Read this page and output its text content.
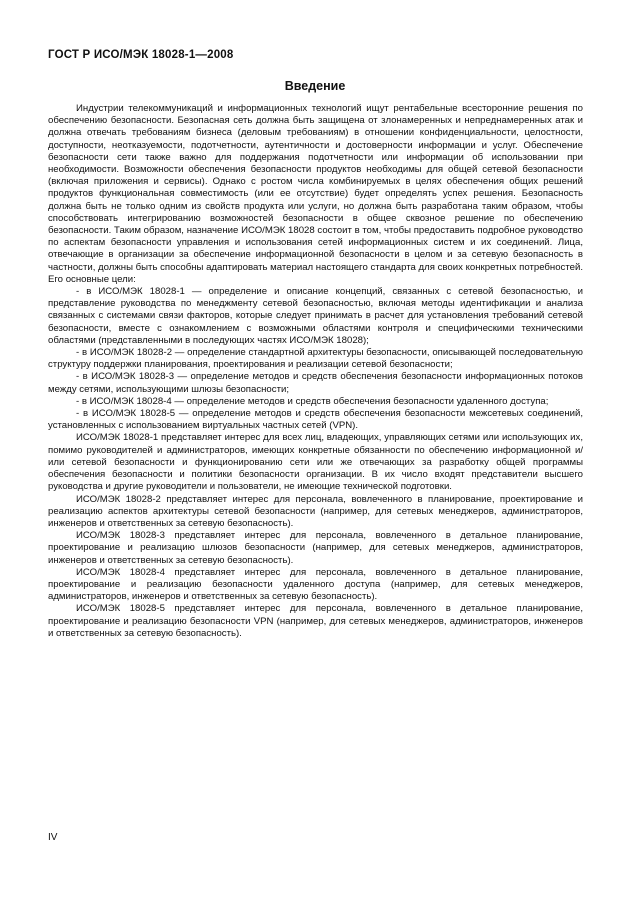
ГОСТ Р ИСО/МЭК 18028-1—2008
Введение

Индустрии телекоммуникаций и информационных технологий ищут рентабельные всесторонние решения по обеспечению безопасности. Безопасная сеть должна быть защищена от злонамеренных и непреднамеренных атак и должна отвечать требованиям бизнеса (деловым требованиям) в отношении конфиденциальности, целостности, доступности, неотказуемости, подотчетности, аутентичности и достоверности информации и услуг. Обеспечение безопасности сети также важно для поддержания подотчетности или информации об использовании при необходимости. Возможности обеспечения безопасности продуктов необходимы для общей сетевой безопасности (включая приложения и сервисы). Однако с ростом числа комбинируемых в целях обеспечения общих решений продуктов функциональная совместимость (или ее отсутствие) будет определять успех решения. Безопасность должна быть не только одним из свойств продукта или услуги, но должна быть разработана таким образом, чтобы способствовать интегрированию возможностей безопасности в общее сквозное решение по обеспечению безопасности. Таким образом, назначение ИСО/МЭК 18028 состоит в том, чтобы предоставить подробное руководство по аспектам безопасности управления и использования сетей информационных систем и их соединений. Лица, отвечающие в организации за обеспечение информационной безопасности в целом и за сетевую безопасность в частности, должны быть способны адаптировать материал настоящего стандарта для своих конкретных потребностей. Его основные цели:

- в ИСО/МЭК 18028-1 — определение и описание концепций, связанных с сетевой безопасностью, и представление руководства по менеджменту сетевой безопасностью, включая методы идентификации и анализа связанных с системами связи факторов, которые следует принимать в расчет для установления требований сетевой безопасности, вместе с ознакомлением с возможными областями контроля и специфическими техническими областями (представленными в последующих частях ИСО/МЭК 18028);

- в ИСО/МЭК 18028-2 — определение стандартной архитектуры безопасности, описывающей последовательную структуру поддержки планирования, проектирования и реализации сетевой безопасности;

- в ИСО/МЭК 18028-3 — определение методов и средств обеспечения безопасности информационных потоков между сетями, использующими шлюзы безопасности;

- в ИСО/МЭК 18028-4 — определение методов и средств обеспечения безопасности удаленного доступа;

- в ИСО/МЭК 18028-5 — определение методов и средств обеспечения безопасности межсетевых соединений, установленных с использованием виртуальных частных сетей (VPN).

ИСО/МЭК 18028-1 представляет интерес для всех лиц, владеющих, управляющих сетями или использующих их, помимо руководителей и администраторов, имеющих конкретные обязанности по обеспечению информационной и/или сетевой безопасности и функционированию сети или же отвечающих за разработку общей программы обеспечения безопасности и политики безопасности организации. В их число входят представители высшего руководства и другие руководители и пользователи, не имеющие технической подготовки.

ИСО/МЭК 18028-2 представляет интерес для персонала, вовлеченного в планирование, проектирование и реализацию аспектов архитектуры сетевой безопасности (например, для сетевых менеджеров, администраторов, инженеров и ответственных за сетевую безопасность).

ИСО/МЭК 18028-3 представляет интерес для персонала, вовлеченного в детальное планирование, проектирование и реализацию шлюзов безопасности (например, для сетевых менеджеров, администраторов, инженеров и ответственных за сетевую безопасность).

ИСО/МЭК 18028-4 представляет интерес для персонала, вовлеченного в детальное планирование, проектирование и реализацию безопасности удаленного доступа (например, для сетевых менеджеров, администраторов, инженеров и ответственных за сетевую безопасность).

ИСО/МЭК 18028-5 представляет интерес для персонала, вовлеченного в детальное планирование, проектирование и реализацию безопасности VPN (например, для сетевых менеджеров, администраторов, инженеров и ответственных за сетевую безопасность).

IV
